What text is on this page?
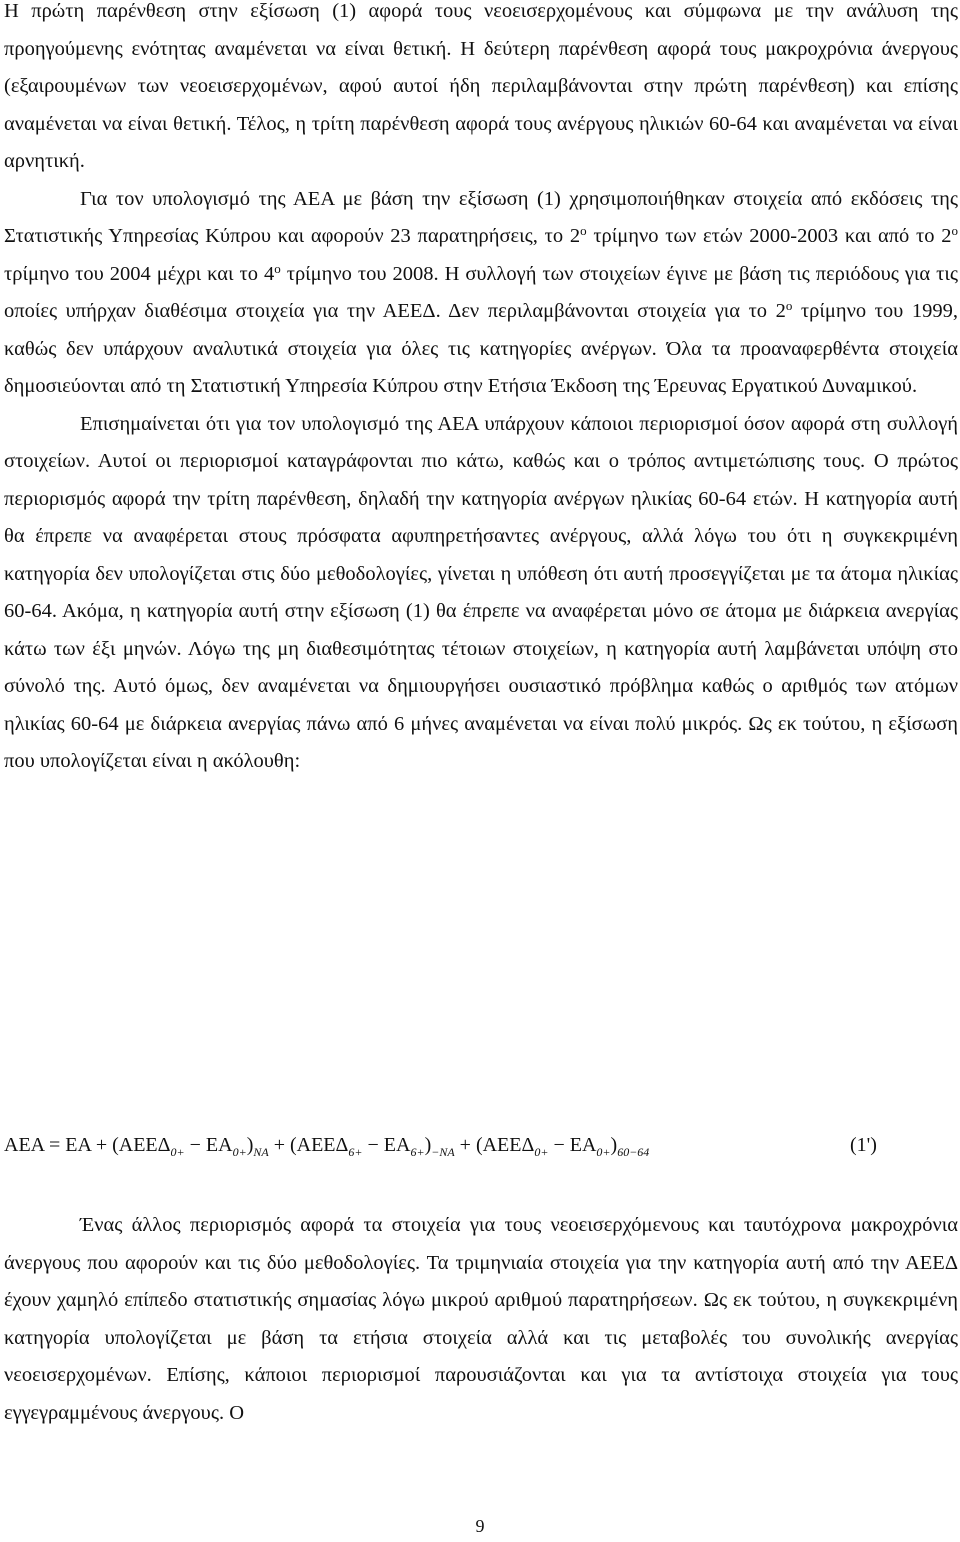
Η πρώτη παρένθεση στην εξίσωση (1) αφορά τους νεοεισερχομένους και σύμφωνα με την ανάλυση της προηγούμενης ενότητας αναμένεται να είναι θετική. Η δεύτερη παρένθεση αφορά τους μακροχρόνια άνεργους (εξαιρουμένων των νεοεισερχομένων, αφού αυτοί ήδη περιλαμβάνονται στην πρώτη παρένθεση) και επίσης αναμένεται να είναι θετική. Τέλος, η τρίτη παρένθεση αφορά τους ανέργους ηλικιών 60-64 και αναμένεται να είναι αρνητική.

Για τον υπολογισμό της ΑΕΑ με βάση την εξίσωση (1) χρησιμοποιήθηκαν στοιχεία από εκδόσεις της Στατιστικής Υπηρεσίας Κύπρου και αφορούν 23 παρατηρήσεις, το $2^o$ τρίμηνο των ετών 2000-2003 και από το $2^o$ τρίμηνο του 2004 μέχρι και το $4^o$ τρίμηνο του 2008. Η συλλογή των στοιχείων έγινε με βάση τις περιόδους για τις οποίες υπήρχαν διαθέσιμα στοιχεία για την ΑΕΕΔ. Δεν περιλαμβάνονται στοιχεία για το $2^o$ τρίμηνο του 1999, καθώς δεν υπάρχουν αναλυτικά στοιχεία για όλες τις κατηγορίες ανέργων. Όλα τα προαναφερθέντα στοιχεία δημοσιεύονται από τη Στατιστική Υπηρεσία Κύπρου στην Ετήσια Έκδοση της Έρευνας Εργατικού Δυναμικού.

Επισημαίνεται ότι για τον υπολογισμό της ΑΕΑ υπάρχουν κάποιοι περιορισμοί όσον αφορά στη συλλογή στοιχείων. Αυτοί οι περιορισμοί καταγράφονται πιο κάτω, καθώς και ο τρόπος αντιμετώπισης τους. Ο πρώτος περιορισμός αφορά την τρίτη παρένθεση, δηλαδή την κατηγορία ανέργων ηλικίας 60-64 ετών. Η κατηγορία αυτή θα έπρεπε να αναφέρεται στους πρόσφατα αφυπηρετήσαντες ανέργους, αλλά λόγω του ότι η συγκεκριμένη κατηγορία δεν υπολογίζεται στις δύο μεθοδολογίες, γίνεται η υπόθεση ότι αυτή προσεγγίζεται με τα άτομα ηλικίας 60-64. Ακόμα, η κατηγορία αυτή στην εξίσωση (1) θα έπρεπε να αναφέρεται μόνο σε άτομα με διάρκεια ανεργίας κάτω των έξι μηνών. Λόγω της μη διαθεσιμότητας τέτοιων στοιχείων, η κατηγορία αυτή λαμβάνεται υπόψη στο σύνολό της. Αυτό όμως, δεν αναμένεται να δημιουργήσει ουσιαστικό πρόβλημα καθώς ο αριθμός των ατόμων ηλικίας 60-64 με διάρκεια ανεργίας πάνω από 6 μήνες αναμένεται να είναι πολύ μικρός. Ως εκ τούτου, η εξίσωση που υπολογίζεται είναι η ακόλουθη:

$AEA = EA + (AEE\Delta_{0+} - EA_{0+})_{NA} + (AEE\Delta_{6+} - EA_{6+})_{-NA} + (AEE\Delta_{0+} - EA_{0+})_{60-64}$	(1')

Ένας άλλος περιορισμός αφορά τα στοιχεία για τους νεοεισερχόμενους και ταυτόχρονα μακροχρόνια άνεργους που αφορούν και τις δύο μεθοδολογίες. Τα τριμηνιαία στοιχεία για την κατηγορία αυτή από την ΑΕΕΔ έχουν χαμηλό επίπεδο στατιστικής σημασίας λόγω μικρού αριθμού παρατηρήσεων. Ως εκ τούτου, η συγκεκριμένη κατηγορία υπολογίζεται με βάση τα ετήσια στοιχεία αλλά και τις μεταβολές του συνολικής ανεργίας νεοεισερχομένων. Επίσης, κάποιοι περιορισμοί παρουσιάζονται και για τα αντίστοιχα στοιχεία για τους εγγεγραμμένους άνεργους. Ο

9
